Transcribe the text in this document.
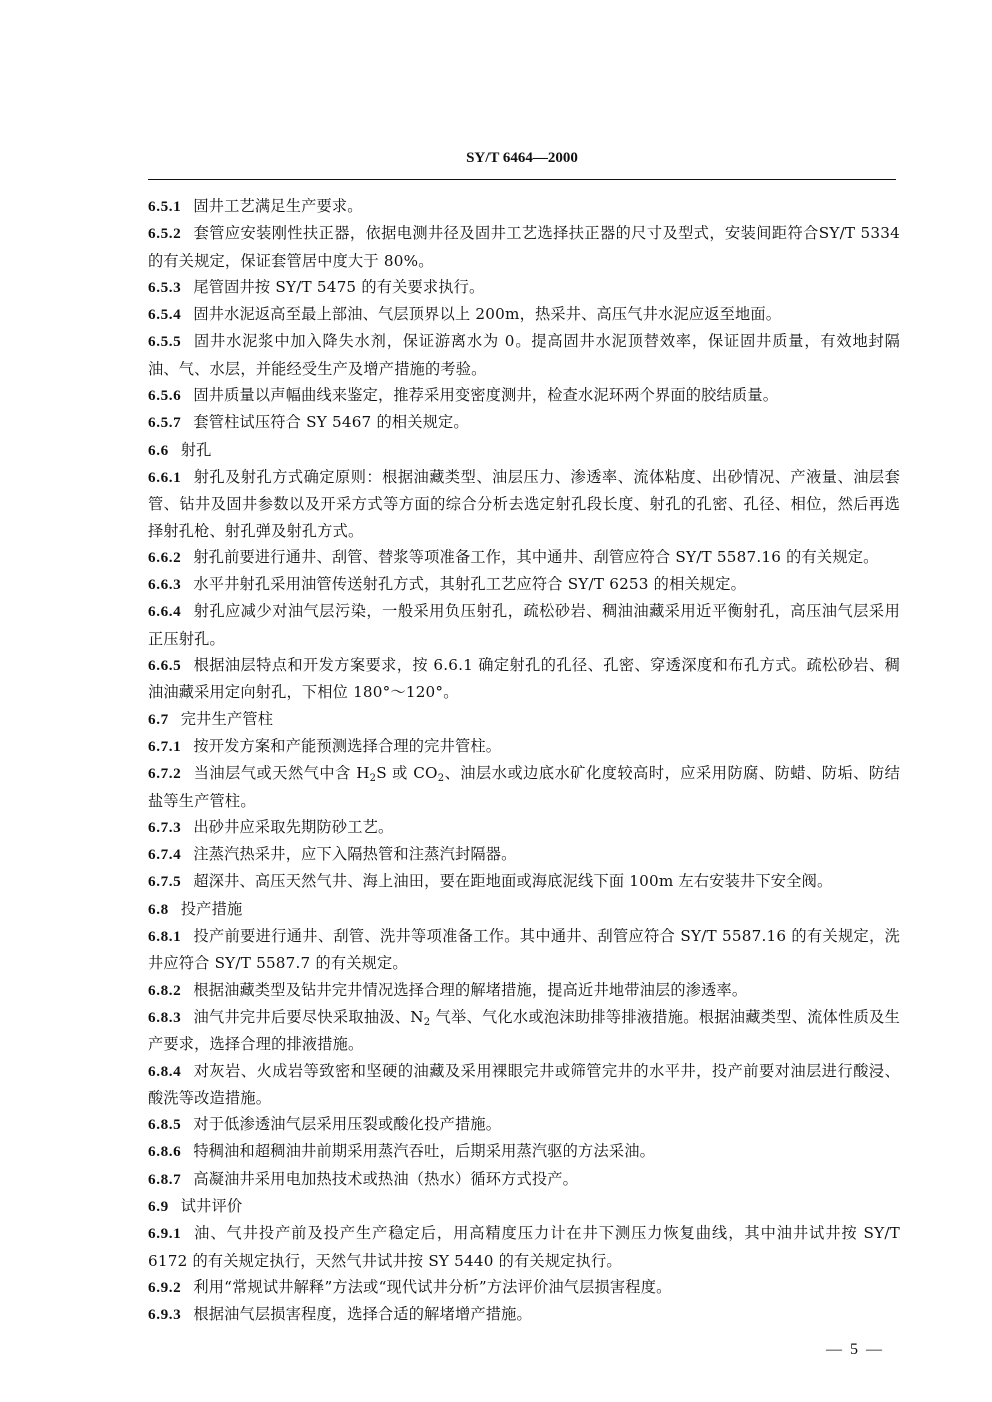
SY/T 6464—2000

6.5.1 固井工艺满足生产要求。

6.5.2 套管应安装刚性扶正器，依据电测井径及固井工艺选择扶正器的尺寸及型式，安装间距符合SY/T 5334 的有关规定，保证套管居中度大于 80%。

6.5.3 尾管固井按 SY/T 5475 的有关要求执行。

6.5.4 固井水泥返高至最上部油、气层顶界以上 200m，热采井、高压气井水泥应返至地面。

6.5.5 固井水泥浆中加入降失水剂，保证游离水为 0。提高固井水泥顶替效率，保证固井质量，有效地封隔油、气、水层，并能经受生产及增产措施的考验。

6.5.6 固井质量以声幅曲线来鉴定，推荐采用变密度测井，检查水泥环两个界面的胶结质量。

6.5.7 套管柱试压符合 SY 5467 的相关规定。

6.6 射孔

6.6.1 射孔及射孔方式确定原则：根据油藏类型、油层压力、渗透率、流体粘度、出砂情况、产液量、油层套管、钻井及固井参数以及开采方式等方面的综合分析去选定射孔段长度、射孔的孔密、孔径、相位，然后再选择射孔枪、射孔弹及射孔方式。

6.6.2 射孔前要进行通井、刮管、替浆等项准备工作，其中通井、刮管应符合 SY/T 5587.16 的有关规定。

6.6.3 水平井射孔采用油管传送射孔方式，其射孔工艺应符合 SY/T 6253 的相关规定。

6.6.4 射孔应减少对油气层污染，一般采用负压射孔，疏松砂岩、稠油油藏采用近平衡射孔，高压油气层采用正压射孔。

6.6.5 根据油层特点和开发方案要求，按 6.6.1 确定射孔的孔径、孔密、穿透深度和布孔方式。疏松砂岩、稠油油藏采用定向射孔，下相位 180°～120°。

6.7 完井生产管柱

6.7.1 按开发方案和产能预测选择合理的完井管柱。

6.7.2 当油层气或天然气中含 $H_2S$ 或 $CO_2$、油层水或边底水矿化度较高时，应采用防腐、防蜡、防垢、防结盐等生产管柱。

6.7.3 出砂井应采取先期防砂工艺。

6.7.4 注蒸汽热采井，应下入隔热管和注蒸汽封隔器。

6.7.5 超深井、高压天然气井、海上油田，要在距地面或海底泥线下面 100m 左右安装井下安全阀。

6.8 投产措施

6.8.1 投产前要进行通井、刮管、洗井等项准备工作。其中通井、刮管应符合 SY/T 5587.16 的有关规定，洗井应符合 SY/T 5587.7 的有关规定。

6.8.2 根据油藏类型及钻井完井情况选择合理的解堵措施，提高近井地带油层的渗透率。

6.8.3 油气井完井后要尽快采取抽汲、$N_2$ 气举、气化水或泡沫助排等排液措施。根据油藏类型、流体性质及生产要求，选择合理的排液措施。

6.8.4 对灰岩、火成岩等致密和坚硬的油藏及采用裸眼完井或筛管完井的水平井，投产前要对油层进行酸浸、酸洗等改造措施。

6.8.5 对于低渗透油气层采用压裂或酸化投产措施。

6.8.6 特稠油和超稠油井前期采用蒸汽吞吐，后期采用蒸汽驱的方法采油。

6.8.7 高凝油井采用电加热技术或热油（热水）循环方式投产。

6.9 试井评价

6.9.1 油、气井投产前及投产生产稳定后，用高精度压力计在井下测压力恢复曲线，其中油井试井按 SY/T 6172 的有关规定执行，天然气井试井按 SY 5440 的有关规定执行。

6.9.2 利用“常规试井解释”方法或“现代试井分析”方法评价油气层损害程度。

6.9.3 根据油气层损害程度，选择合适的解堵增产措施。

— 5 —
